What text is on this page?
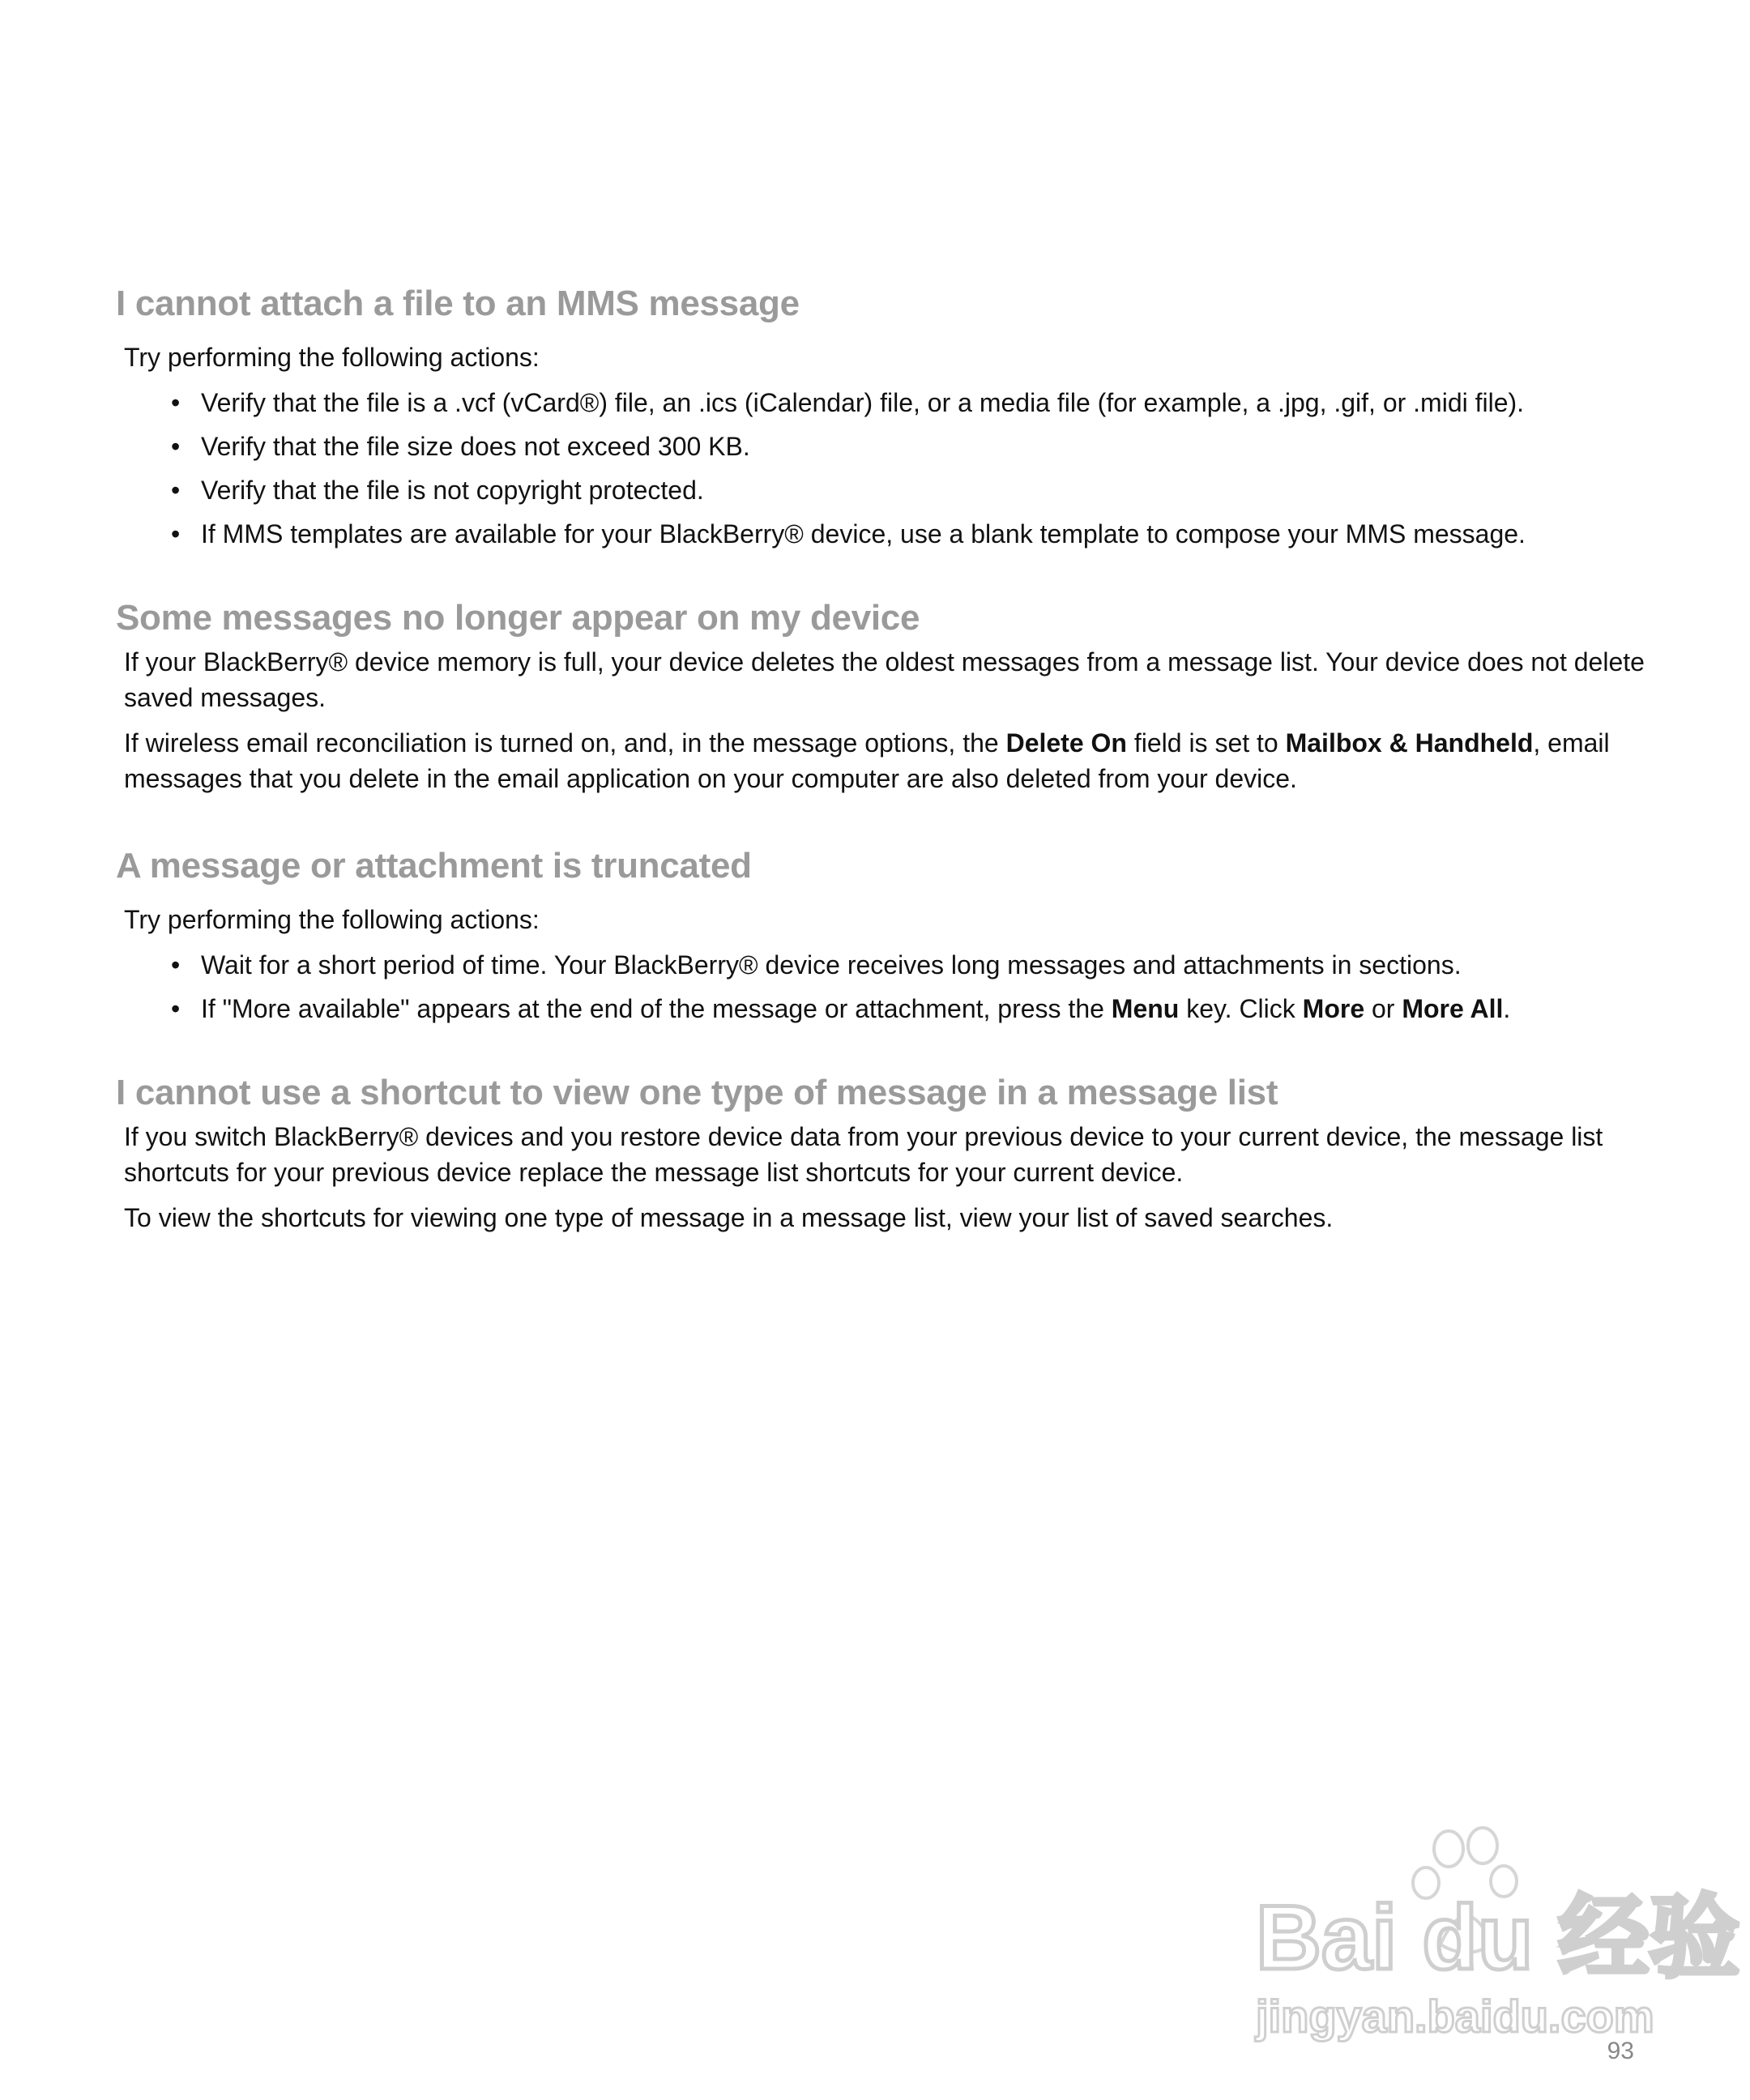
I cannot attach a file to an MMS message

Try performing the following actions:

• Verify that the file is a .vcf (vCard®) file, an .ics (iCalendar) file, or a media file (for example, a .jpg, .gif, or .midi file).
• Verify that the file size does not exceed 300 KB.
• Verify that the file is not copyright protected.
• If MMS templates are available for your BlackBerry® device, use a blank template to compose your MMS message.
Some messages no longer appear on my device

If your BlackBerry® device memory is full, your device deletes the oldest messages from a message list. Your device does not delete saved messages.

If wireless email reconciliation is turned on, and, in the message options, the Delete On field is set to Mailbox & Handheld, email messages that you delete in the email application on your computer are also deleted from your device.

A message or attachment is truncated

Try performing the following actions:

• Wait for a short period of time. Your BlackBerry® device receives long messages and attachments in sections.
• If "More available" appears at the end of the message or attachment, press the Menu key. Click More or More All.
I cannot use a shortcut to view one type of message in a message list

If you switch BlackBerry® devices and you restore device data from your previous device to your current device, the message list shortcuts for your previous device replace the message list shortcuts for your current device.

To view the shortcuts for viewing one type of message in a message list, view your list of saved searches.

Bai du 经验
jingyan.baidu.com
93
